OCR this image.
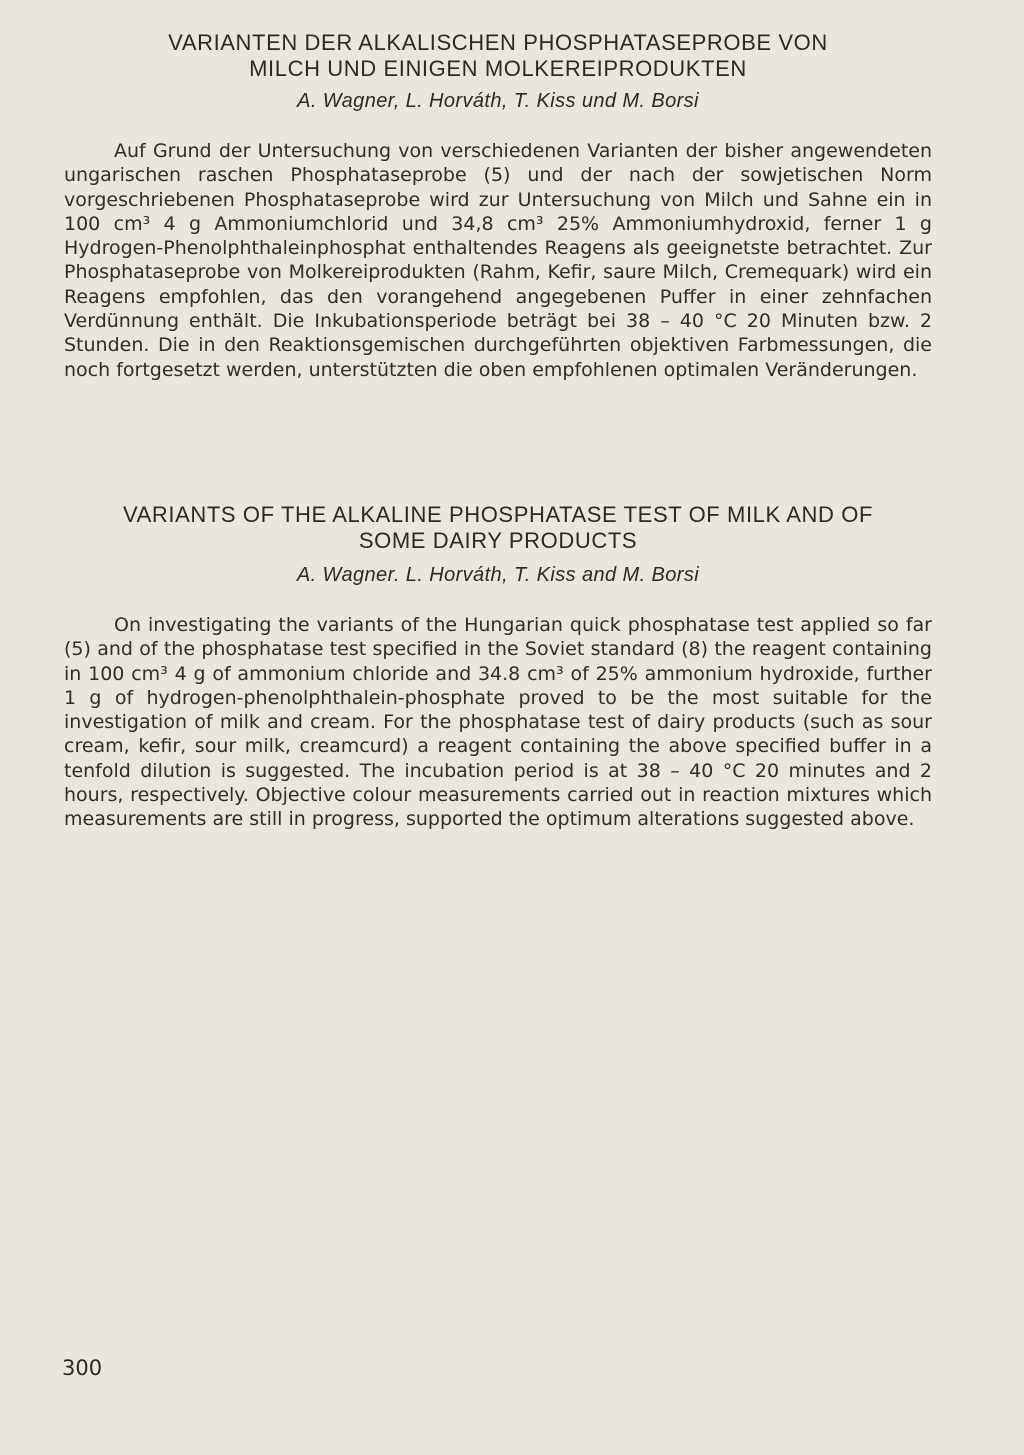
VARIANTEN DER ALKALISCHEN PHOSPHATASEPROBE VON
MILCH UND EINIGEN MOLKEREIPRODUKTEN

A. Wagner, L. Horváth, T. Kiss und M. Borsi

Auf Grund der Untersuchung von verschiedenen Varianten der bisher angewendeten ungarischen raschen Phosphataseprobe (5) und der nach der sowjetischen Norm vorgeschriebenen Phosphataseprobe wird zur Untersuchung von Milch und Sahne ein in 100 cm³ 4 g Ammoniumchlorid und 34,8 cm³ 25% Ammoniumhydroxid, ferner 1 g Hydrogen-Phenolphthaleinphosphat enthaltendes Reagens als geeignetste betrachtet. Zur Phosphataseprobe von Molkereiprodukten (Rahm, Kefir, saure Milch, Cremequark) wird ein Reagens empfohlen, das den vorangehend angegebenen Puffer in einer zehnfachen Verdünnung enthält. Die Inkubationsperiode beträgt bei 38 – 40 °C 20 Minuten bzw. 2 Stunden. Die in den Reaktionsgemischen durchgeführten objektiven Farbmessungen, die noch fortgesetzt werden, unterstützten die oben empfohlenen optimalen Veränderungen.

VARIANTS OF THE ALKALINE PHOSPHATASE TEST OF MILK AND OF
SOME DAIRY PRODUCTS

A. Wagner. L. Horváth, T. Kiss and M. Borsi

On investigating the variants of the Hungarian quick phosphatase test applied so far (5) and of the phosphatase test specified in the Soviet standard (8) the reagent containing in 100 cm³ 4 g of ammonium chloride and 34.8 cm³ of 25% ammonium hydroxide, further 1 g of hydrogen-phenolphthalein-phosphate proved to be the most suitable for the investigation of milk and cream. For the phosphatase test of dairy products (such as sour cream, kefir, sour milk, creamcurd) a reagent containing the above specified buffer in a tenfold dilution is suggested. The incubation period is at 38 – 40 °C 20 minutes and 2 hours, respectively. Objective colour measurements carried out in reaction mixtures which measurements are still in progress, supported the optimum alterations suggested above.

300
